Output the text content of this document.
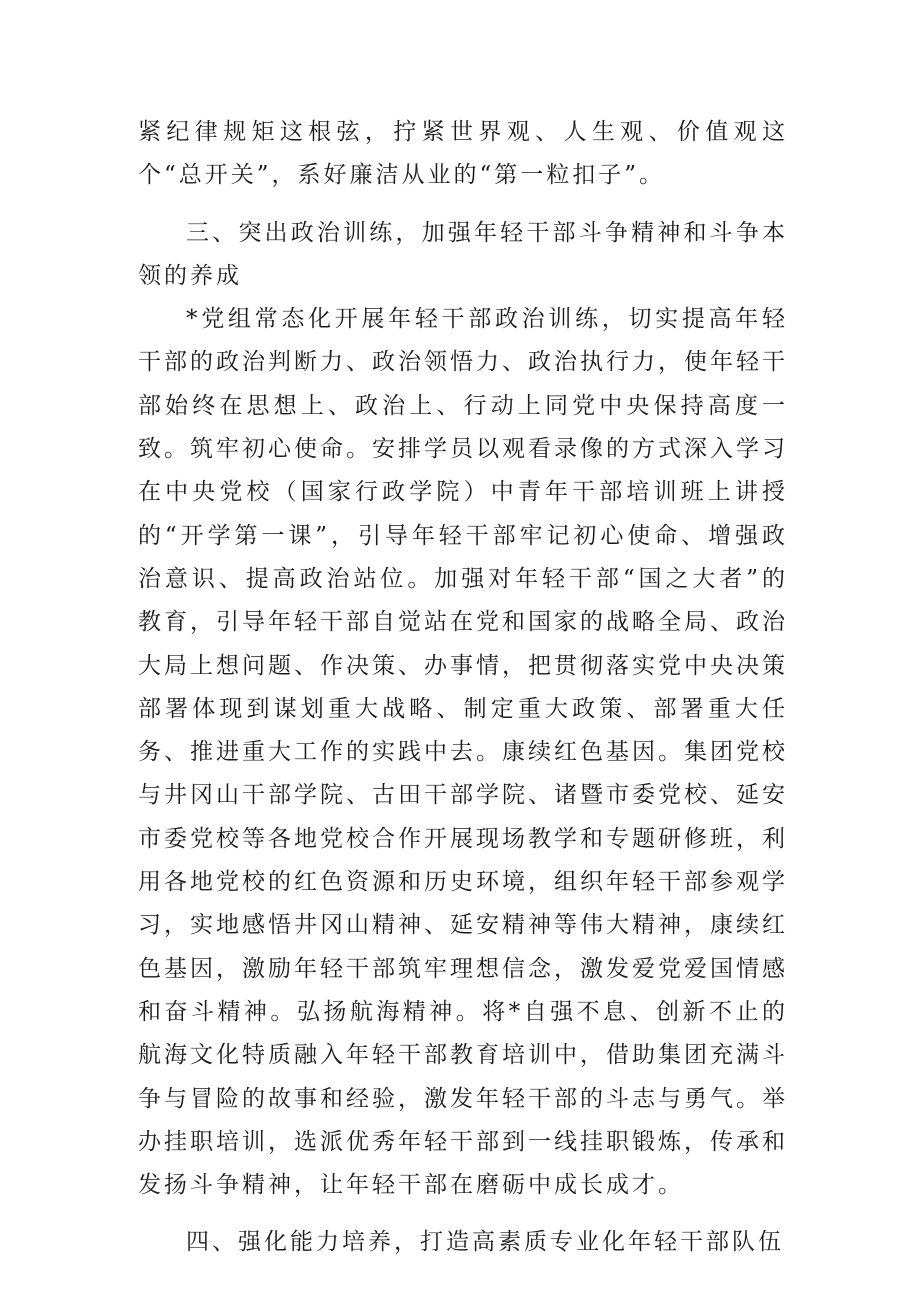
紧纪律规矩这根弦，拧紧世界观、人生观、价值观这个“总开关”，系好廉洁从业的“第一粒扣子”。

三、突出政治训练，加强年轻干部斗争精神和斗争本领的养成

*党组常态化开展年轻干部政治训练，切实提高年轻干部的政治判断力、政治领悟力、政治执行力，使年轻干部始终在思想上、政治上、行动上同党中央保持高度一致。筑牢初心使命。安排学员以观看录像的方式深入学习在中央党校（国家行政学院）中青年干部培训班上讲授的“开学第一课”，引导年轻干部牢记初心使命、增强政治意识、提高政治站位。加强对年轻干部“国之大者”的教育，引导年轻干部自觉站在党和国家的战略全局、政治大局上想问题、作决策、办事情，把贯彻落实党中央决策部署体现到谋划重大战略、制定重大政策、部署重大任务、推进重大工作的实践中去。康续红色基因。集团党校与井冈山干部学院、古田干部学院、诸暨市委党校、延安市委党校等各地党校合作开展现场教学和专题研修班，利用各地党校的红色资源和历史环境，组织年轻干部参观学习，实地感悟井冈山精神、延安精神等伟大精神，康续红色基因，激励年轻干部筑牢理想信念，激发爱党爱国情感和奋斗精神。弘扬航海精神。将*自强不息、创新不止的航海文化特质融入年轻干部教育培训中，借助集团充满斗争与冒险的故事和经验，激发年轻干部的斗志与勇气。举办挂职培训，选派优秀年轻干部到一线挂职锻炼，传承和发扬斗争精神，让年轻干部在磨砺中成长成才。

四、强化能力培养，打造高素质专业化年轻干部队伍
